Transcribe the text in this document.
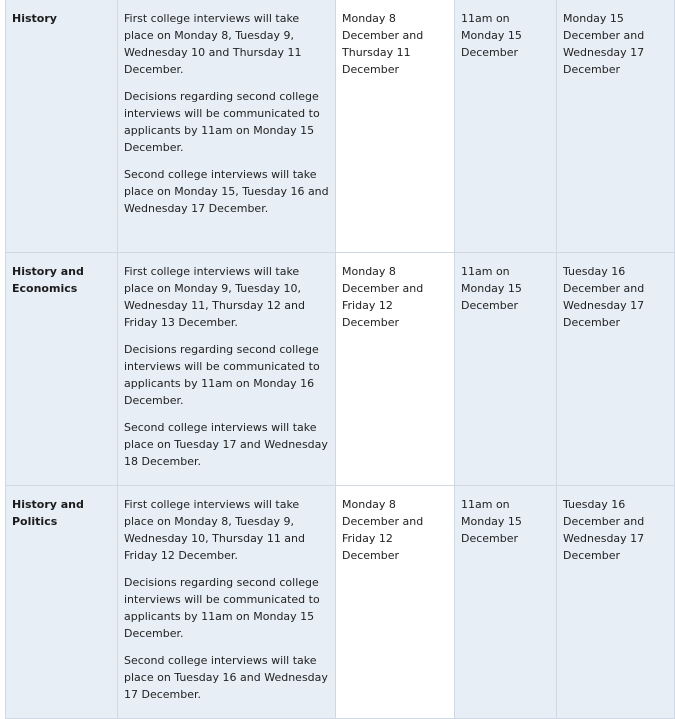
History	First college interviews will take place on Monday 8, Tuesday 9, Wednesday 10 and Thursday 11 December.

Decisions regarding second college interviews will be communicated to applicants by 11am on Monday 15 December.

Second college interviews will take place on Monday 15, Tuesday 16 and Wednesday 17 December.	Monday 8 December and Thursday 11 December	11am on Monday 15 December	Monday 15 December and Wednesday 17 December
History and Economics	First college interviews will take place on Monday 9, Tuesday 10, Wednesday 11, Thursday 12 and Friday 13 December.

Decisions regarding second college interviews will be communicated to applicants by 11am on Monday 16 December.

Second college interviews will take place on Tuesday 17 and Wednesday 18 December.	Monday 8 December and Friday 12 December	11am on Monday 15 December	Tuesday 16 December and Wednesday 17 December
History and Politics	First college interviews will take place on Monday 8, Tuesday 9, Wednesday 10, Thursday 11 and Friday 12 December.

Decisions regarding second college interviews will be communicated to applicants by 11am on Monday 15 December.

Second college interviews will take place on Tuesday 16 and Wednesday 17 December.	Monday 8 December and Friday 12 December	11am on Monday 15 December	Tuesday 16 December and Wednesday 17 December
